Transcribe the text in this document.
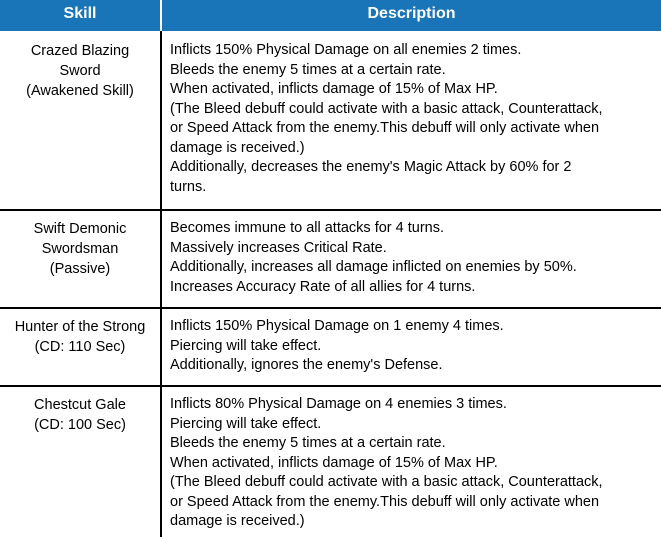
Skill	Description
Crazed Blazing
Sword
(Awakened Skill)
Inflicts 150% Physical Damage on all enemies 2 times.
Bleeds the enemy 5 times at a certain rate.
When activated, inflicts damage of 15% of Max HP.
(The Bleed debuff could activate with a basic attack, Counterattack,
or Speed Attack from the enemy.This debuff will only activate when
damage is received.)
Additionally, decreases the enemy's Magic Attack by 60% for 2
turns.
Swift Demonic
Swordsman
(Passive)
Becomes immune to all attacks for 4 turns.
Massively increases Critical Rate.
Additionally, increases all damage inflicted on enemies by 50%.
Increases Accuracy Rate of all allies for 4 turns.
Hunter of the Strong
(CD: 110 Sec)
Inflicts 150% Physical Damage on 1 enemy 4 times.
Piercing will take effect.
Additionally, ignores the enemy's Defense.
Chestcut Gale
(CD: 100 Sec)
Inflicts 80% Physical Damage on 4 enemies 3 times.
Piercing will take effect.
Bleeds the enemy 5 times at a certain rate.
When activated, inflicts damage of 15% of Max HP.
(The Bleed debuff could activate with a basic attack, Counterattack,
or Speed Attack from the enemy.This debuff will only activate when
damage is received.)
